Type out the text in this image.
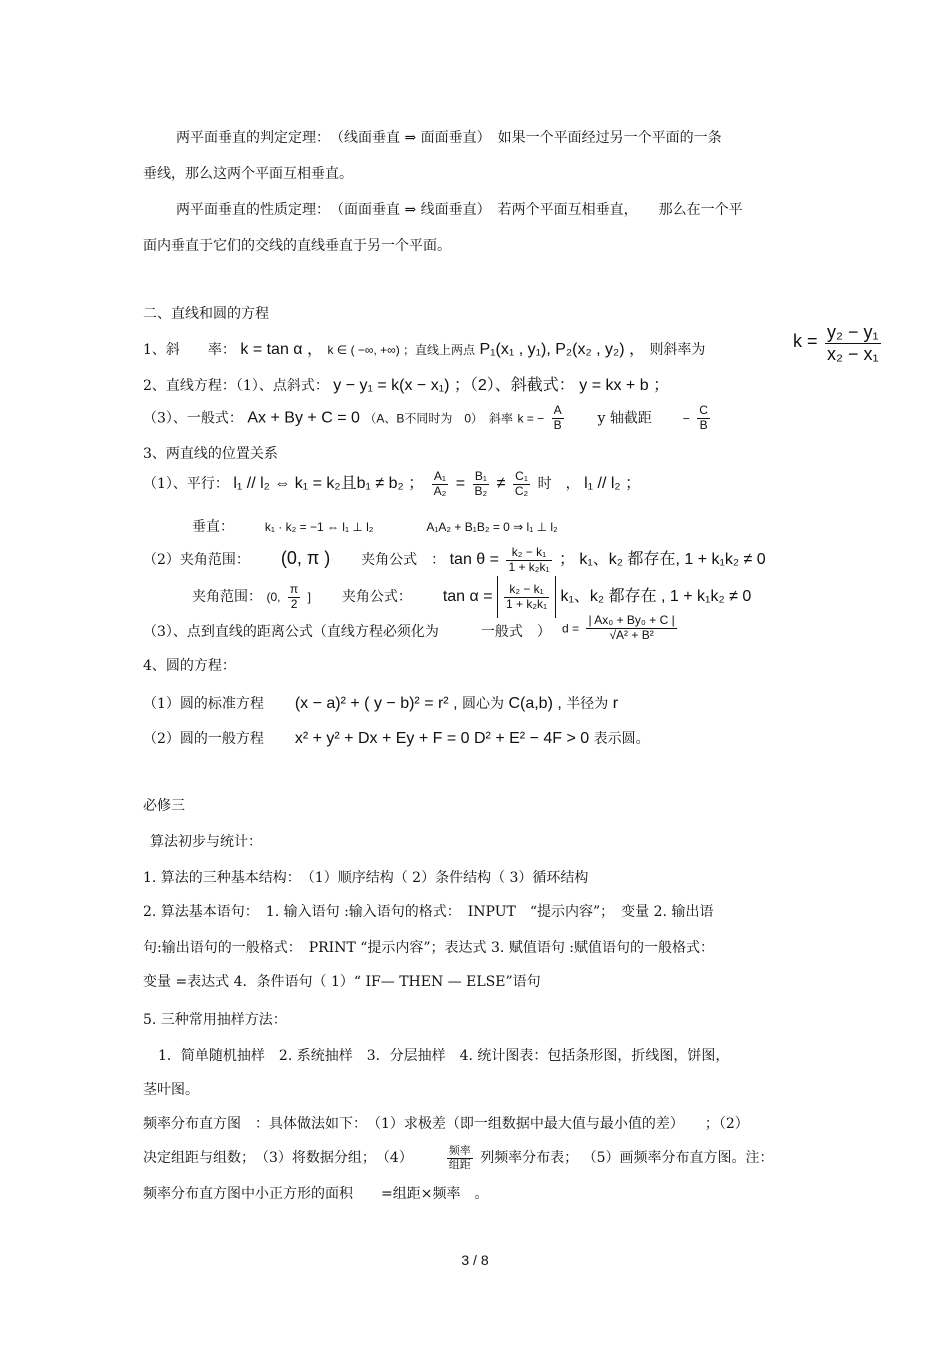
两平面垂直的判定定理：　（线面垂直 ⇒ 面面垂直）　如果一个平面经过另一个平面的一条
垂线，那么这两个平面互相垂直。
两平面垂直的性质定理：　（面面垂直 ⇒ 线面垂直）　若两个平面互相垂直，　　那么在一个平
面内垂直于它们的交线的直线垂直于另一个平面。
二、直线和圆的方程
1、斜　　率： k = tan α ， k ∈ ( −∞, +∞) ；直线上两点 P₁(x₁ , y₁), P₂(x₂ , y₂) ， 则斜率为	$k = \frac{\text{y₂ − y₁}}{\text{x₂ − x₁}}$
2、直线方程：（1）、点斜式： y − y₁ = k(x − x₁) ；（2）、斜截式： y = kx + b ；
（3）、一般式： Ax + By + C = 0 （A、B不同时为　0）　斜率 k = − $\frac{A}{B}$ y 轴截距	− $\frac{C}{B}$
3、两直线的位置关系
（1）、平行： l₁ // l₂ ⇔ k₁ = k₂且b₁ ≠ b₂ ； $\frac{\text{A₁}}{\text{A₂}} = \frac{\text{B₁}}{\text{B₂}} \ne \frac{\text{C₁}}{\text{C₂}}$ 时　， l₁ // l₂ ；
垂直：	k₁ · k₂ = −1 ⇔ l₁ ⊥ l₂	A₁A₂ + B₁B₂ = 0 ⇒ l₁ ⊥ l₂
（2）夹角范围： (0, π ) 夹角公式　： $\tan \theta = \frac{\text{k₂ − k₁}}{\text{1 + k₂k₁}}$ ； k₁、k₂ 都存在, 1 + k₁k₂ ≠ 0
夹角范围： (0, $\frac{\pi}{2}$ ] 夹角公式： $\tan \alpha = \frac{\text{k₂ − k₁}}{\text{1 + k₂k₁}} k_1$、k₂ 都存在 , 1 + k₁k₂ ≠ 0
（3）、点到直线的距离公式（直线方程必须化为　　　一般式　） $d = \frac{\text{| Ax₀ + By₀ + C |}}{\text{√A² + B²}}$
4、圆的方程：
（1）圆的标准方程 (x − a)² + ( y − b)² = r² , 圆心为 C(a,b) , 半径为 r
（2）圆的一般方程 x² + y² + Dx + Ey + F = 0 D² + E² − 4F > 0 表示圆。
必修三
算法初步与统计：
1. 算法的三种基本结构：　（1）顺序结构（ 2）条件结构（ 3）循环结构
2. 算法基本语句：　1. 输入语句 :输入语句的格式：　INPUT　“提示内容”；　变量 2. 输出语
句:输出语句的一般格式：　PRINT “提示内容”；表达式 3. 赋值语句 :赋值语句的一般格式：
变量 =表达式 4．条件语句（ 1）“ IF— THEN — ELSE”语句
5. 三种常用抽样方法：
1．简单随机抽样　2. 系统抽样　3．分层抽样　4. 统计图表：包括条形图，折线图，饼图，
茎叶图。
频率分布直方图　：具体做法如下：　（1）求极差（即一组数据中最大值与最小值的差）　　；（2）
决定组距与组数；　（3）将数据分组；　（4）	$\frac{\text{频率}}{\text{组距}}$ 列频率分布表； （5）画频率分布直方图。注：
频率分布直方图中小正方形的面积　　=组距×频率　。
3 / 8
